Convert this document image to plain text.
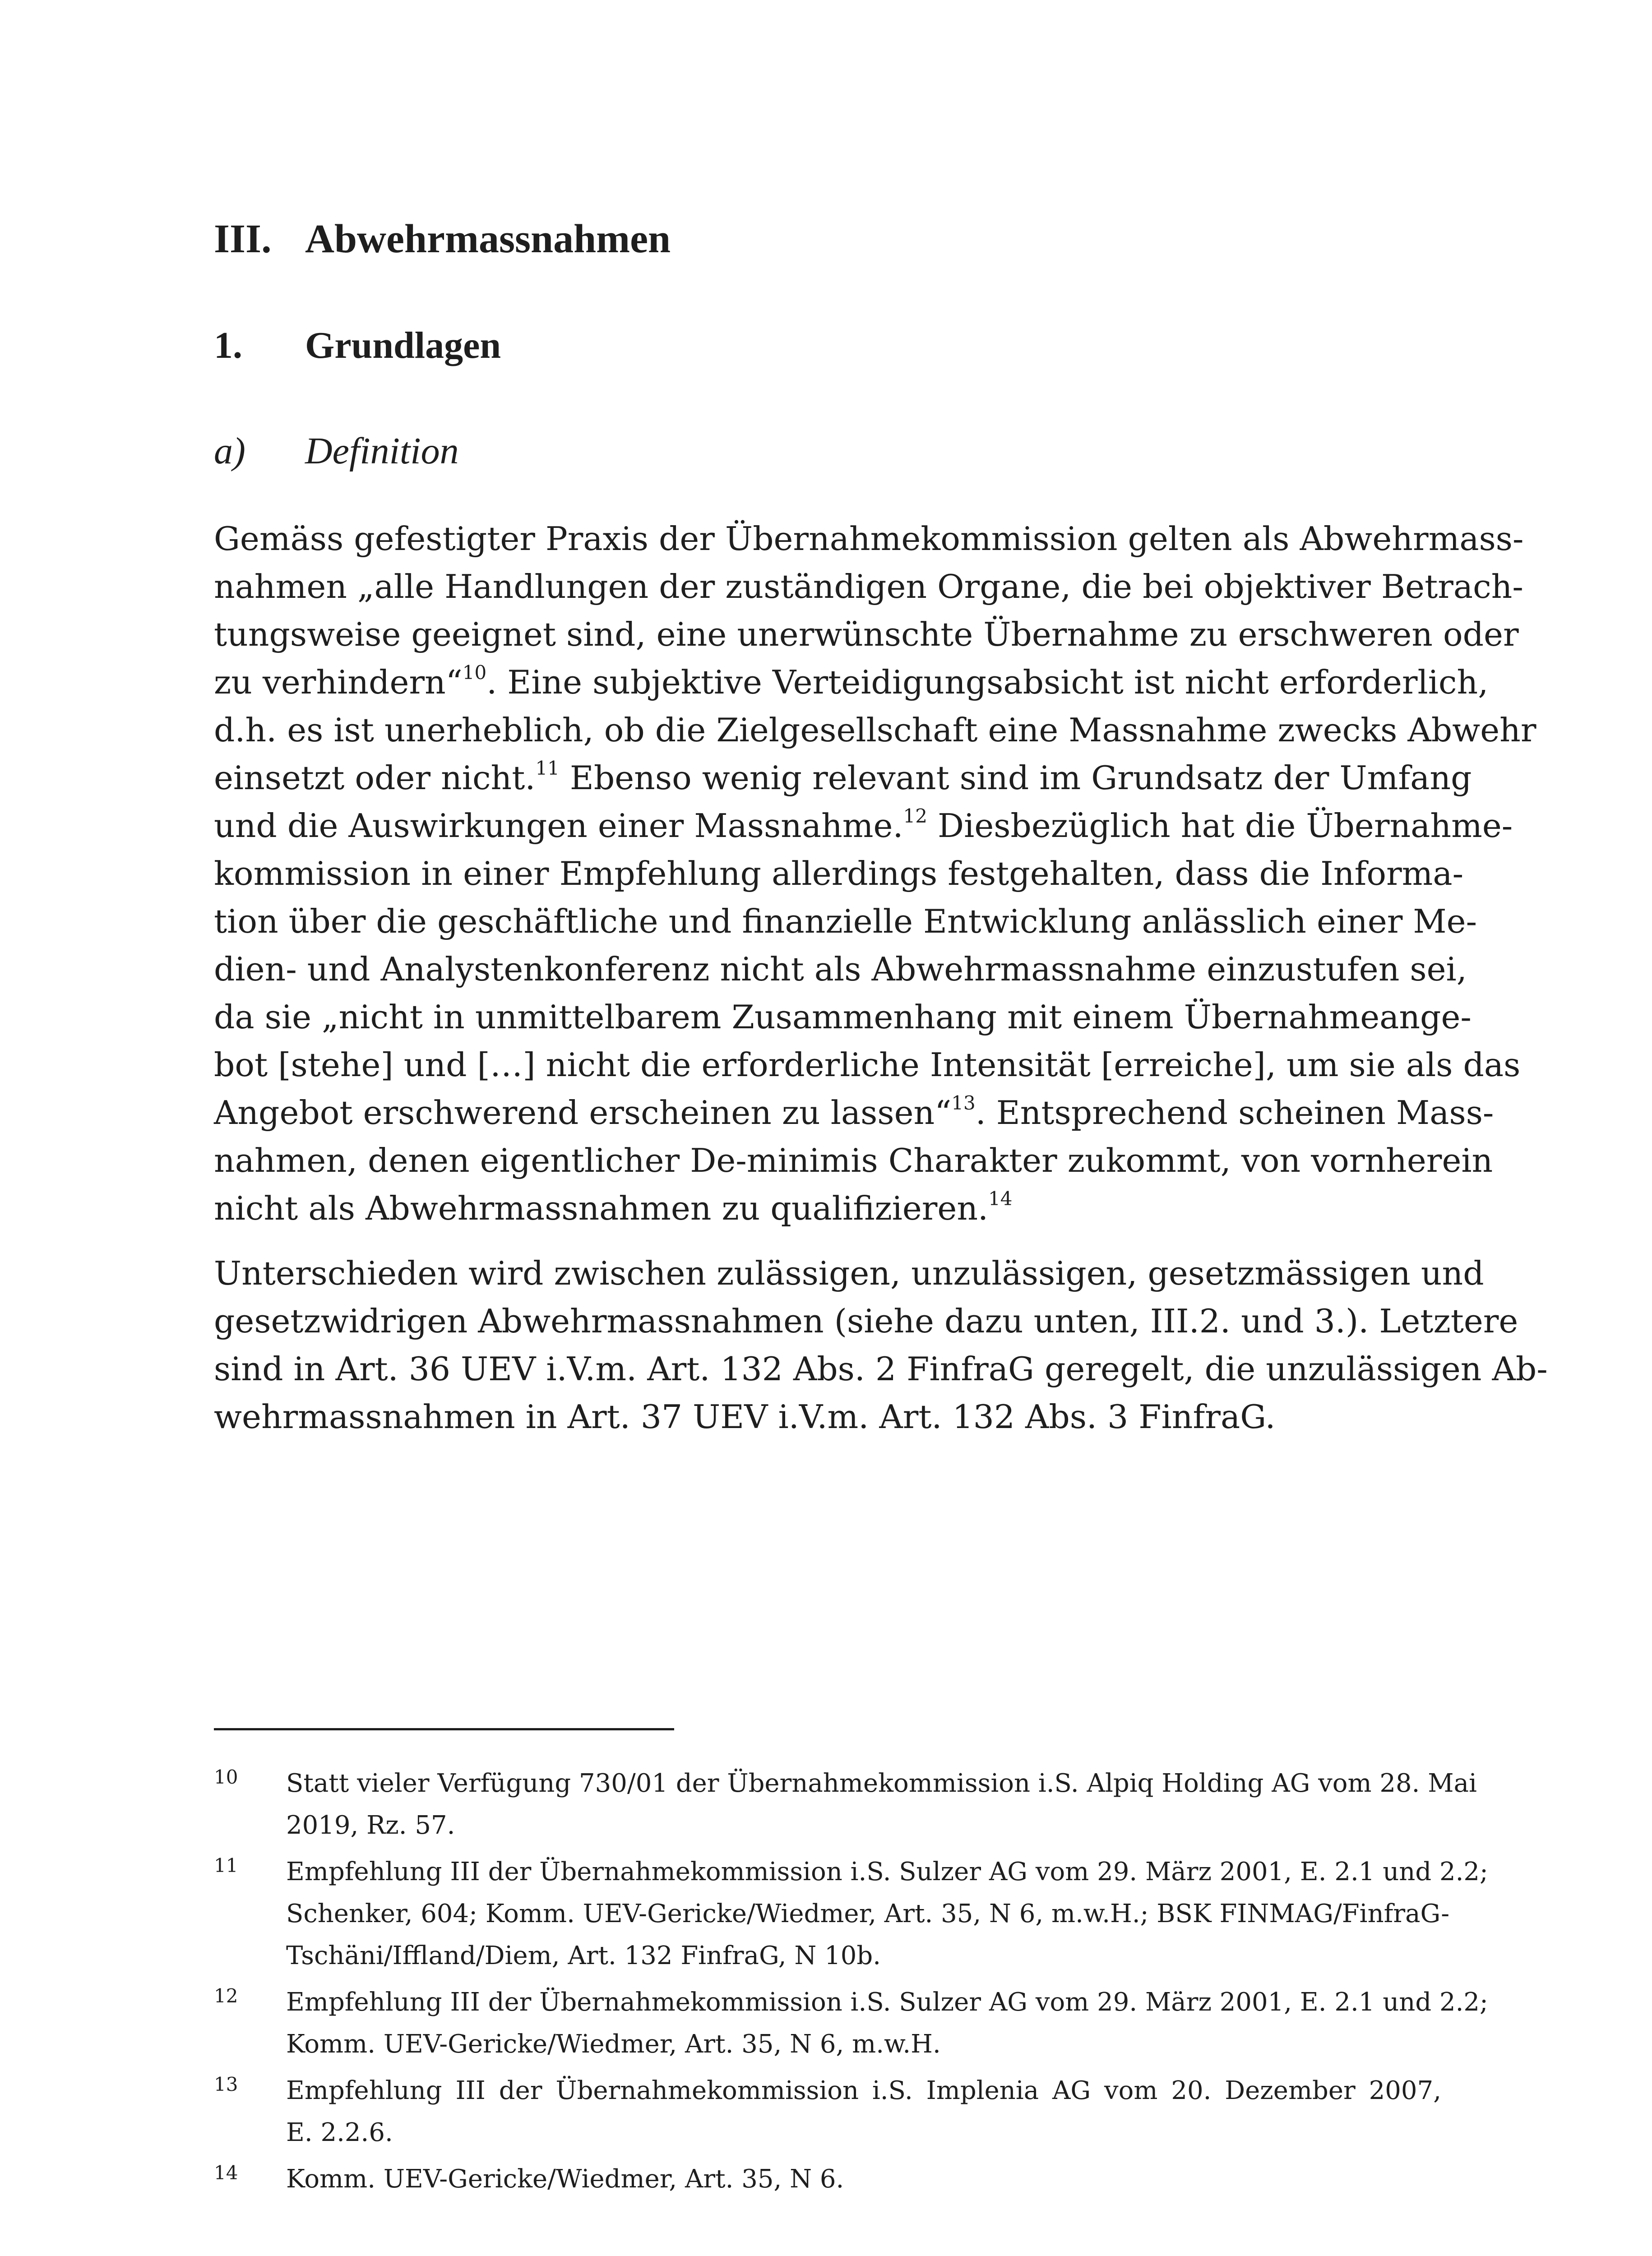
III. Abwehrmassnahmen
1. Grundlagen
a) Definition
Gemäss gefestigter Praxis der Übernahmekommission gelten als Abwehrmass-
nahmen „alle Handlungen der zuständigen Organe, die bei objektiver Betrach-
tungsweise geeignet sind, eine unerwünschte Übernahme zu erschweren oder
zu verhindern“$^{10}$. Eine subjektive Verteidigungsabsicht ist nicht erforderlich,
d.h. es ist unerheblich, ob die Zielgesellschaft eine Massnahme zwecks Abwehr
einsetzt oder nicht.$^{11}$ Ebenso wenig relevant sind im Grundsatz der Umfang
und die Auswirkungen einer Massnahme.$^{12}$ Diesbezüglich hat die Übernahme-
kommission in einer Empfehlung allerdings festgehalten, dass die Informa-
tion über die geschäftliche und finanzielle Entwicklung anlässlich einer Me-
dien- und Analystenkonferenz nicht als Abwehrmassnahme einzustufen sei,
da sie „nicht in unmittelbarem Zusammenhang mit einem Übernahmeange-
bot [stehe] und […] nicht die erforderliche Intensität [erreiche], um sie als das
Angebot erschwerend erscheinen zu lassen“$^{13}$. Entsprechend scheinen Mass-
nahmen, denen eigentlicher De-minimis Charakter zukommt, von vornherein
nicht als Abwehrmassnahmen zu qualifizieren.$^{14}$
Unterschieden wird zwischen zulässigen, unzulässigen, gesetzmässigen und
gesetzwidrigen Abwehrmassnahmen (siehe dazu unten, III.2. und 3.). Letztere
sind in Art. 36 UEV i.V.m. Art. 132 Abs. 2 FinfraG geregelt, die unzulässigen Ab-
wehrmassnahmen in Art. 37 UEV i.V.m. Art. 132 Abs. 3 FinfraG.
10 Statt vieler Verfügung 730/01 der Übernahmekommission i.S. Alpiq Holding AG vom 28. Mai
2019, Rz. 57.
11 Empfehlung III der Übernahmekommission i.S. Sulzer AG vom 29. März 2001, E. 2.1 und 2.2;
Schenker, 604; Komm. UEV-Gericke/Wiedmer, Art. 35, N 6, m.w.H.; BSK FINMAG/FinfraG-
Tschäni/Iffland/Diem, Art. 132 FinfraG, N 10b.
12 Empfehlung III der Übernahmekommission i.S. Sulzer AG vom 29. März 2001, E. 2.1 und 2.2;
Komm. UEV-Gericke/Wiedmer, Art. 35, N 6, m.w.H.
13 Empfehlung III der Übernahmekommission i.S. Implenia AG vom 20. Dezember 2007,
E. 2.2.6.
14 Komm. UEV-Gericke/Wiedmer, Art. 35, N 6.
